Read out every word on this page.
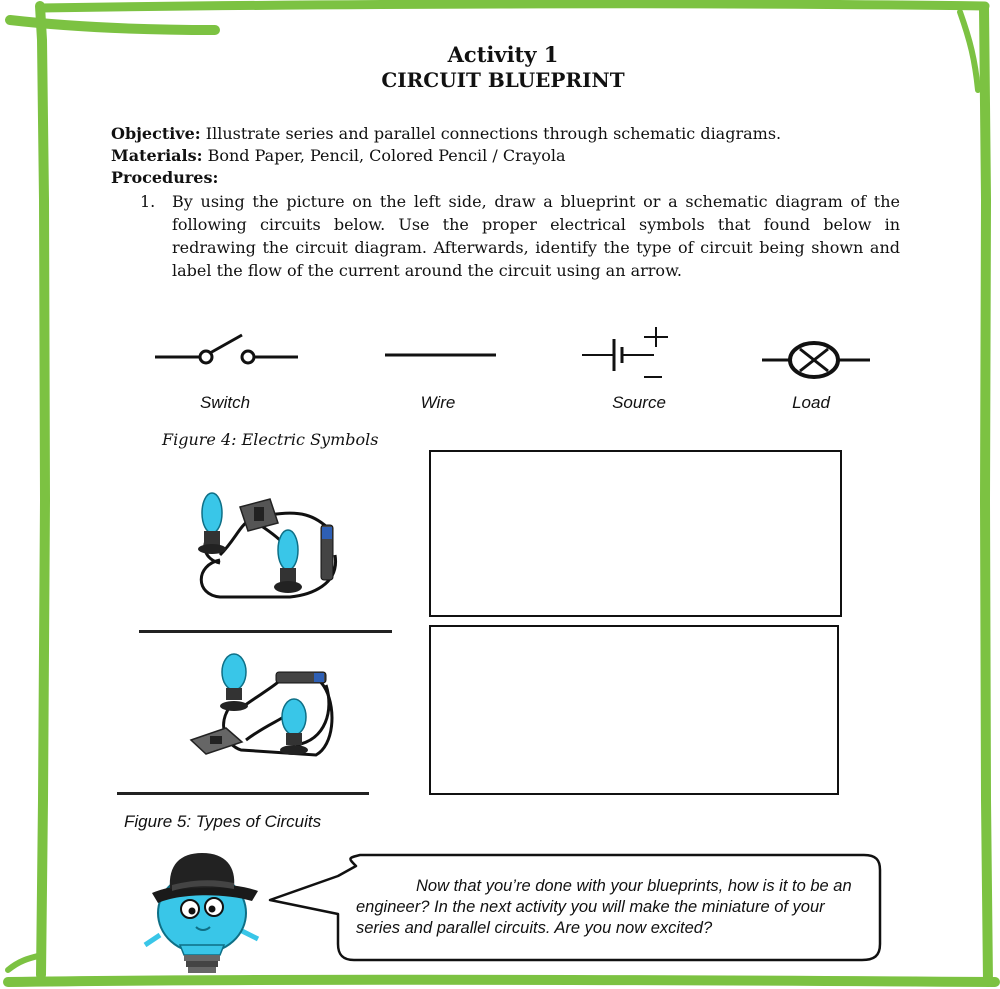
Activity 1
CIRCUIT BLUEPRINT
Objective: Illustrate series and parallel connections through schematic diagrams.
Materials: Bond Paper, Pencil, Colored Pencil / Crayola
Procedures:
1.	By using the picture on the left side, draw a blueprint or a schematic diagram of the following circuits below. Use the proper electrical symbols that found below in redrawing the circuit diagram. Afterwards, identify the type of circuit being shown and label the flow of the current around the circuit using an arrow.
Switch	Wire	Source	Load
Figure 4: Electric Symbols
Figure 5: Types of Circuits
Now that you’re done with your blueprints, how is it to be an engineer? In the next activity you will make the miniature of your series and parallel circuits. Are you now excited?
